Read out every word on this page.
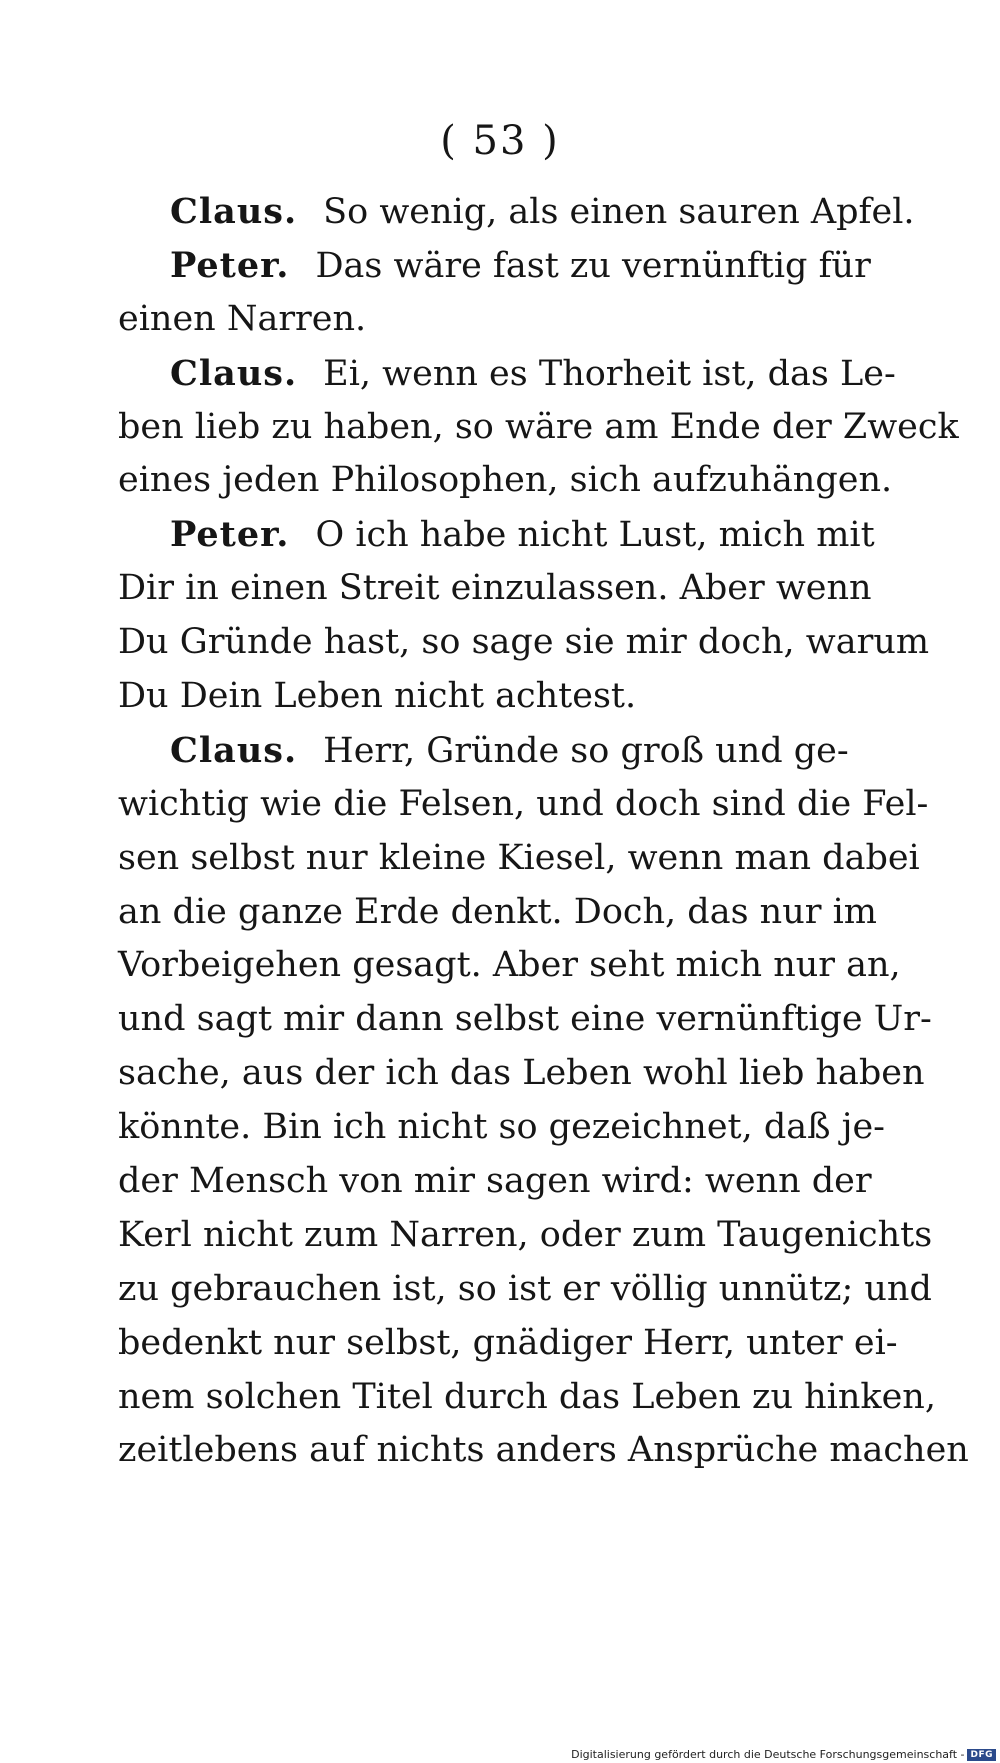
( 53 )
Claus. So wenig, als einen sauren Apfel.
Peter. Das wäre fast zu vernünftig für
einen Narren.
Claus. Ei, wenn es Thorheit ist, das Le-
ben lieb zu haben, so wäre am Ende der Zweck
eines jeden Philosophen, sich aufzuhängen.
Peter. O ich habe nicht Lust, mich mit
Dir in einen Streit einzulassen. Aber wenn
Du Gründe hast, so sage sie mir doch, warum
Du Dein Leben nicht achtest.
Claus. Herr, Gründe so groß und ge-
wichtig wie die Felsen, und doch sind die Fel-
sen selbst nur kleine Kiesel, wenn man dabei
an die ganze Erde denkt. Doch, das nur im
Vorbeigehen gesagt. Aber seht mich nur an,
und sagt mir dann selbst eine vernünftige Ur-
sache, aus der ich das Leben wohl lieb haben
könnte. Bin ich nicht so gezeichnet, daß je-
der Mensch von mir sagen wird: wenn der
Kerl nicht zum Narren, oder zum Taugenichts
zu gebrauchen ist, so ist er völlig unnütz; und
bedenkt nur selbst, gnädiger Herr, unter ei-
nem solchen Titel durch das Leben zu hinken,
zeitlebens auf nichts anders Ansprüche machen
Digitalisierung gefördert durch die Deutsche Forschungsgemeinschaft - DFG
